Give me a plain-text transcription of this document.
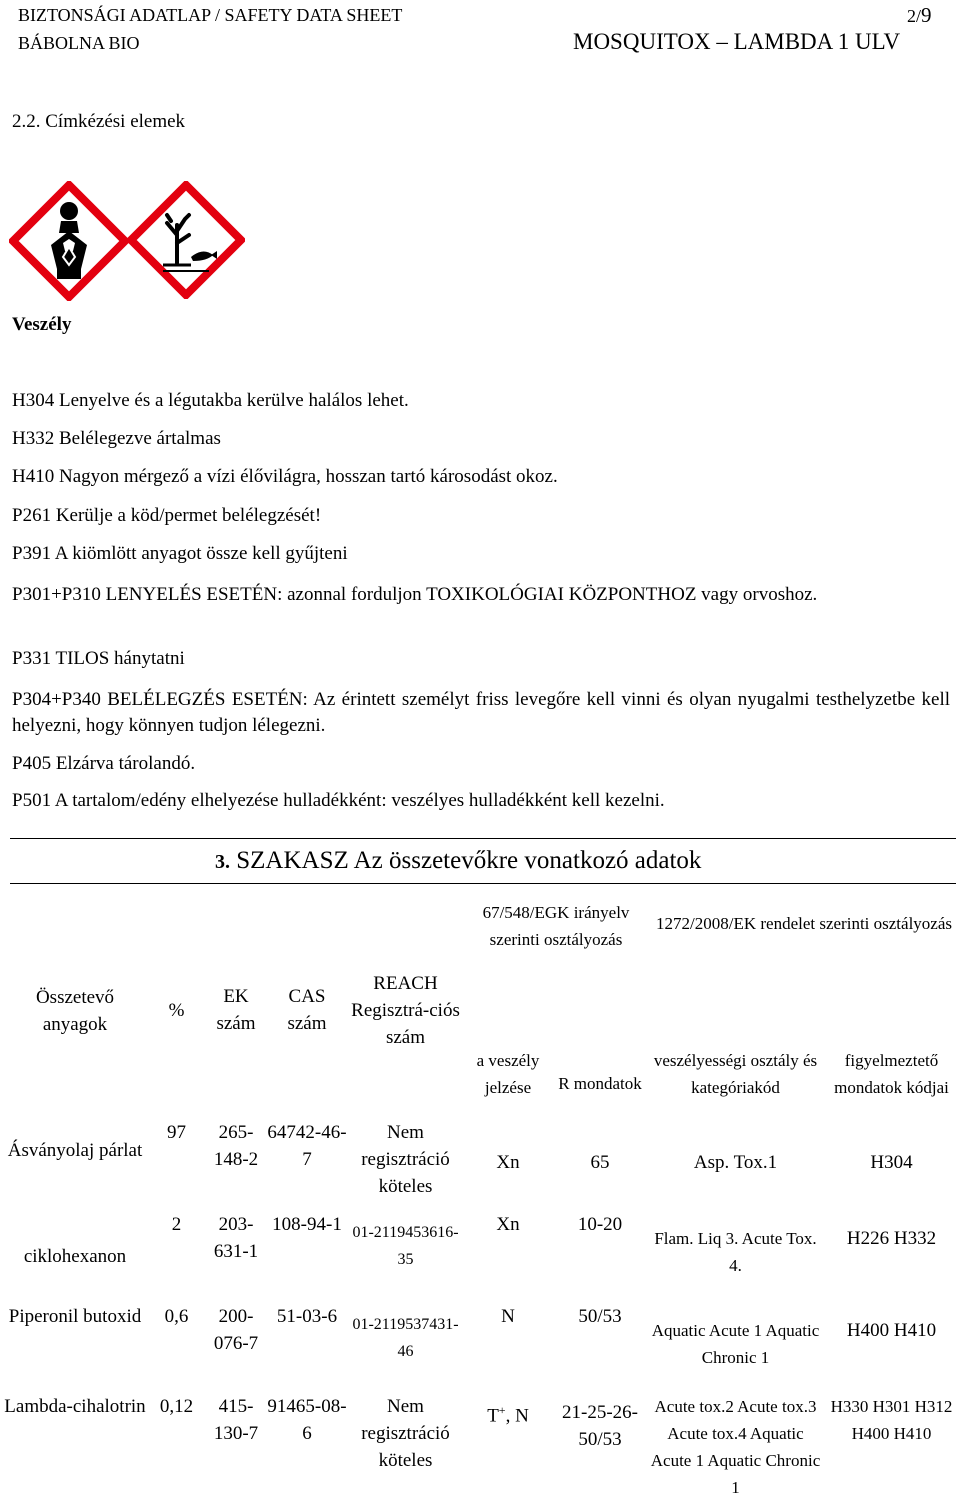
BIZTONSÁGI ADATLAP / SAFETY DATA SHEET
BÁBOLNA BIO
2/9
MOSQUITOX – LAMBDA 1 ULV
2.2. Címkézési elemek
Veszély
H304 Lenyelve és a légutakba kerülve halálos lehet.
H332 Belélegezve ártalmas
H410 Nagyon mérgező a vízi élővilágra, hosszan tartó károsodást okoz.
P261 Kerülje a köd/permet belélegzését!
P391 A kiömlött anyagot össze kell gyűjteni
P301+P310 LENYELÉS ESETÉN: azonnal forduljon TOXIKOLÓGIAI KÖZPONTHOZ vagy orvoshoz.
P331 TILOS hánytatni
P304+P340 BELÉLEGZÉS ESETÉN: Az érintett személyt friss levegőre kell vinni és olyan nyugalmi testhelyzetbe kell helyezni, hogy könnyen tudjon lélegezni.
P405 Elzárva tárolandó.
P501 A tartalom/edény elhelyezése hulladékként: veszélyes hulladékként kell kezelni.
3. SZAKASZ Az összetevőkre vonatkozó adatok
Összetevő anyagok	%	EK szám	CAS szám	REACH Regisztrá-ciós szám	67/548/EGK irányelv szerinti osztályozás		1272/2008/EK rendelet szerinti osztályozás	
					a veszély jelzése	R mondatok	veszélyességi osztály és kategóriakód	figyelmeztető mondatok kódjai
Ásványolaj párlat	97	265-148-2	64742-46-7	Nem regisztráció köteles	Xn	65	Asp. Tox.1	H304
ciklohexanon	2	203-631-1	108-94-1	01-2119453616-35	Xn	10-20	Flam. Liq 3. Acute Tox. 4.	H226 H332
Piperonil butoxid	0,6	200-076-7	51-03-6	01-2119537431-46	N	50/53	Aquatic Acute 1 Aquatic Chronic 1	H400 H410
Lambda-cihalotrin	0,12	415-130-7	91465-08-6	Nem regisztráció köteles	T+, N	21-25-26-50/53	Acute tox.2 Acute tox.3 Acute tox.4 Aquatic Acute 1 Aquatic Chronic 1	H330 H301 H312 H400 H410
